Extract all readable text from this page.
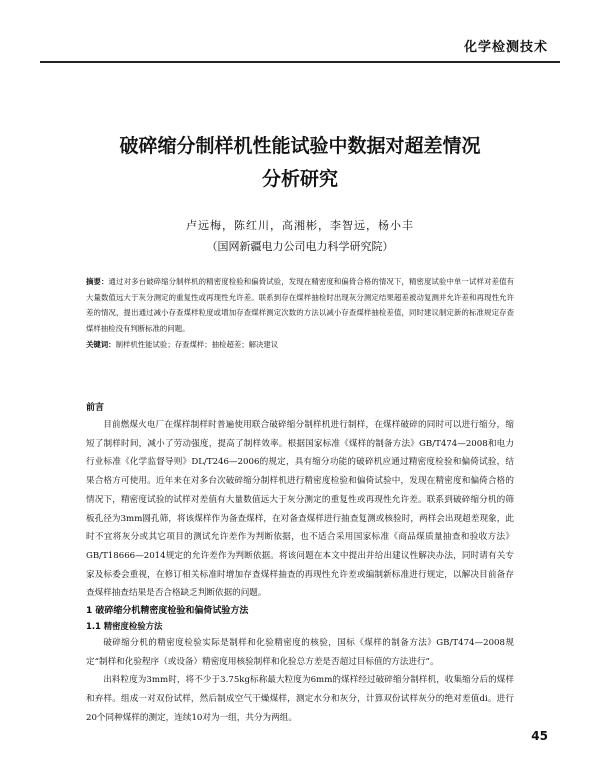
化学检测技术
破碎缩分制样机性能试验中数据对超差情况
分析研究
卢远梅，陈红川，高湘彬，李智远，杨小丰
（国网新疆电力公司电力科学研究院）

摘要：通过对多台破碎缩分制样机的精密度检验和偏倚试验，发现在精密度和偏倚合格的情况下，精密度试验中单一试样对差值有大量数值远大于灰分测定的重复性或再现性允许差。联系到存在煤样抽检时出现灰分测定结果超差被动复测并允许差和再现性允许差的情况，提出通过减小存查煤样粒度或增加存查煤样测定次数的方法以减小存查煤样抽检差值，同时建议制定新的标准规定存查煤样抽检没有判断标准的问题。

关键词：制样机性能试验；存查煤样；抽检超差；解决建议

前言

目前燃煤火电厂在煤样制样时普遍使用联合破碎缩分制样机进行制样，在煤样破碎的同时可以进行缩分，缩短了制样时间，减小了劳动强度，提高了制样效率。根据国家标准《煤样的制备方法》GB/T474—2008和电力行业标准《化学监督导则》DL/T246—2006的规定，具有缩分功能的破碎机应通过精密度检验和偏倚试验，结果合格方可使用。近年来在对多台次破碎缩分制样机进行精密度检验和偏倚试验中，发现在精密度和偏倚合格的情况下，精密度试验的试样对差值有大量数值远大于灰分测定的重复性或再现性允许差。联系到破碎缩分机的筛板孔径为3mm圆孔筛，将该煤样作为备查煤样，在对备查煤样进行抽查复测或核验时，两样会出现超差现象，此时不宜将灰分或其它项目的测试允许差作为判断依据，也不适合采用国家标准《商品煤质量抽查和验收方法》GB/T18666—2014规定的允许差作为判断依据。将该问题在本文中提出并给出建议性解决办法，同时请有关专家及标委会重视，在修订相关标准时增加存查煤样抽查的再现性允许差或编制新标准进行规定，以解决目前备存查煤样抽查结果是否合格缺乏判断依据的问题。

1 破碎缩分机精密度检验和偏倚试验方法
1.1 精密度检验方法

破碎缩分机的精密度检验实际是制样和化验精密度的核验，国标《煤样的制备方法》GB/T474—2008规定“制样和化验程序（或设备）精密度用核验制样和化验总方差是否超过目标值的方法进行”。

出料粒度为3mm时，将不少于3.75kg标称最大粒度为6mm的煤样经过破碎缩分制样机，收集缩分后的煤样和弃样。组成一对双份试样，然后制成空气干燥煤样，测定水分和灰分，计算双份试样灰分的绝对差值di。进行20个同种煤样的测定，连续10对为一组，共分为两组。

45
